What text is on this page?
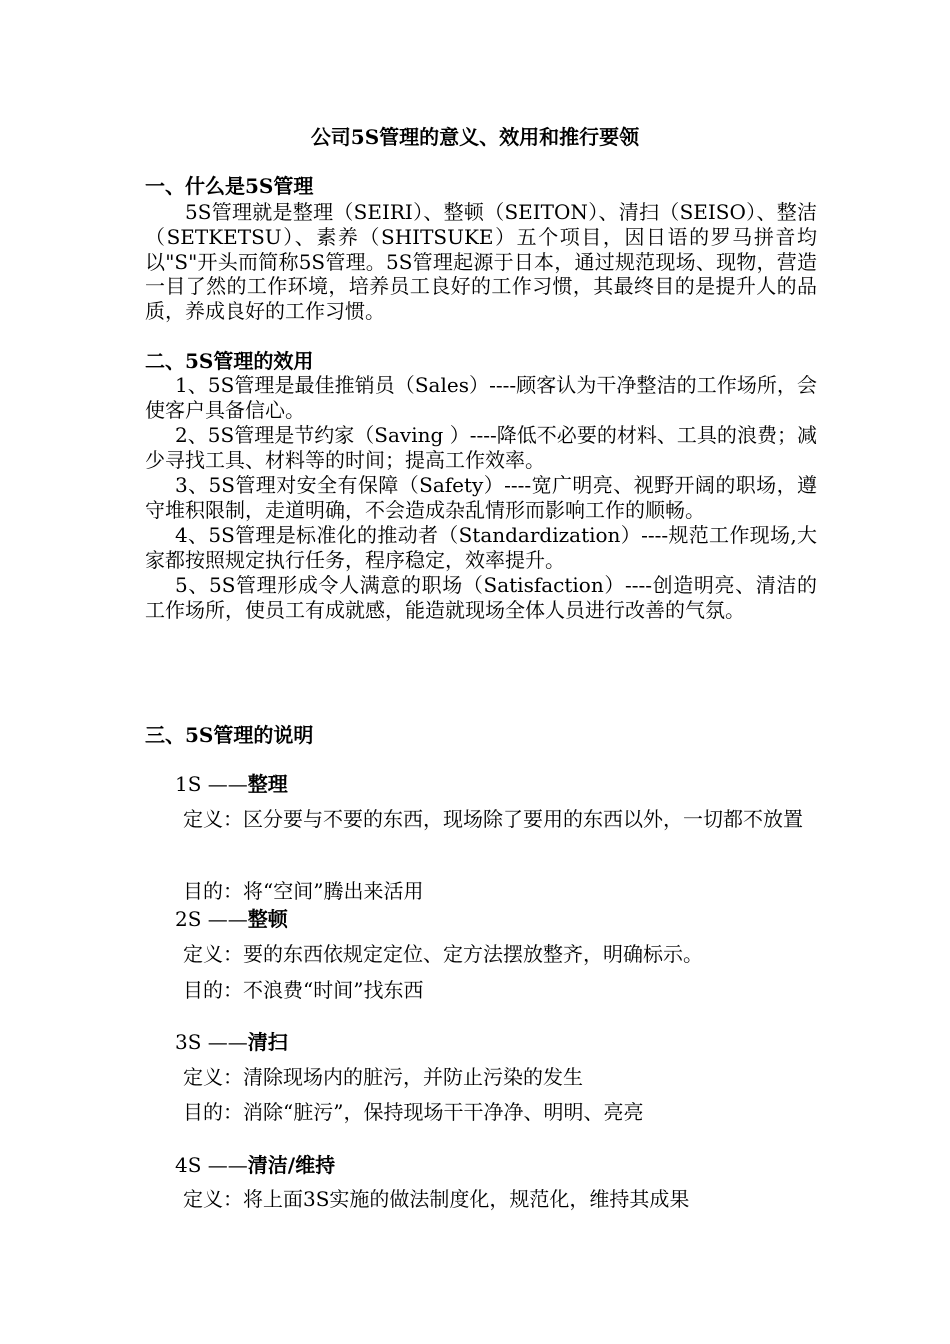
公司5S管理的意义、效用和推行要领
一、什么是5S管理
5S管理就是整理（SEIRI）、整顿（SEITON）、清扫（SEISO）、整洁（SETKETSU）、素养（SHITSUKE）五个项目，因日语的罗马拼音均以"S"开头而简称5S管理。5S管理起源于日本，通过规范现场、现物，营造一目了然的工作环境，培养员工良好的工作习惯，其最终目的是提升人的品质，养成良好的工作习惯。
二、5S管理的效用
1、5S管理是最佳推销员（Sales）----顾客认为干净整洁的工作场所，会使客户具备信心。
2、5S管理是节约家（Saving ）----降低不必要的材料、工具的浪费；减少寻找工具、材料等的时间；提高工作效率。
3、5S管理对安全有保障（Safety）----宽广明亮、视野开阔的职场，遵守堆积限制，走道明确，不会造成杂乱情形而影响工作的顺畅。
4、5S管理是标准化的推动者（Standardization）----规范工作现场,大家都按照规定执行任务，程序稳定，效率提升。
5、5S管理形成令人满意的职场（Satisfaction）----创造明亮、清洁的工作场所，使员工有成就感，能造就现场全体人员进行改善的气氛。
三、5S管理的说明
1S ——整理
定义：区分要与不要的东西，现场除了要用的东西以外，一切都不放置
目的：将“空间”腾出来活用
2S ——整顿
定义：要的东西依规定定位、定方法摆放整齐，明确标示。
目的：不浪费“时间”找东西
3S ——清扫
定义：清除现场内的脏污，并防止污染的发生
目的：消除“脏污”，保持现场干干净净、明明、亮亮
4S ——清洁/维持
定义：将上面3S实施的做法制度化，规范化，维持其成果
